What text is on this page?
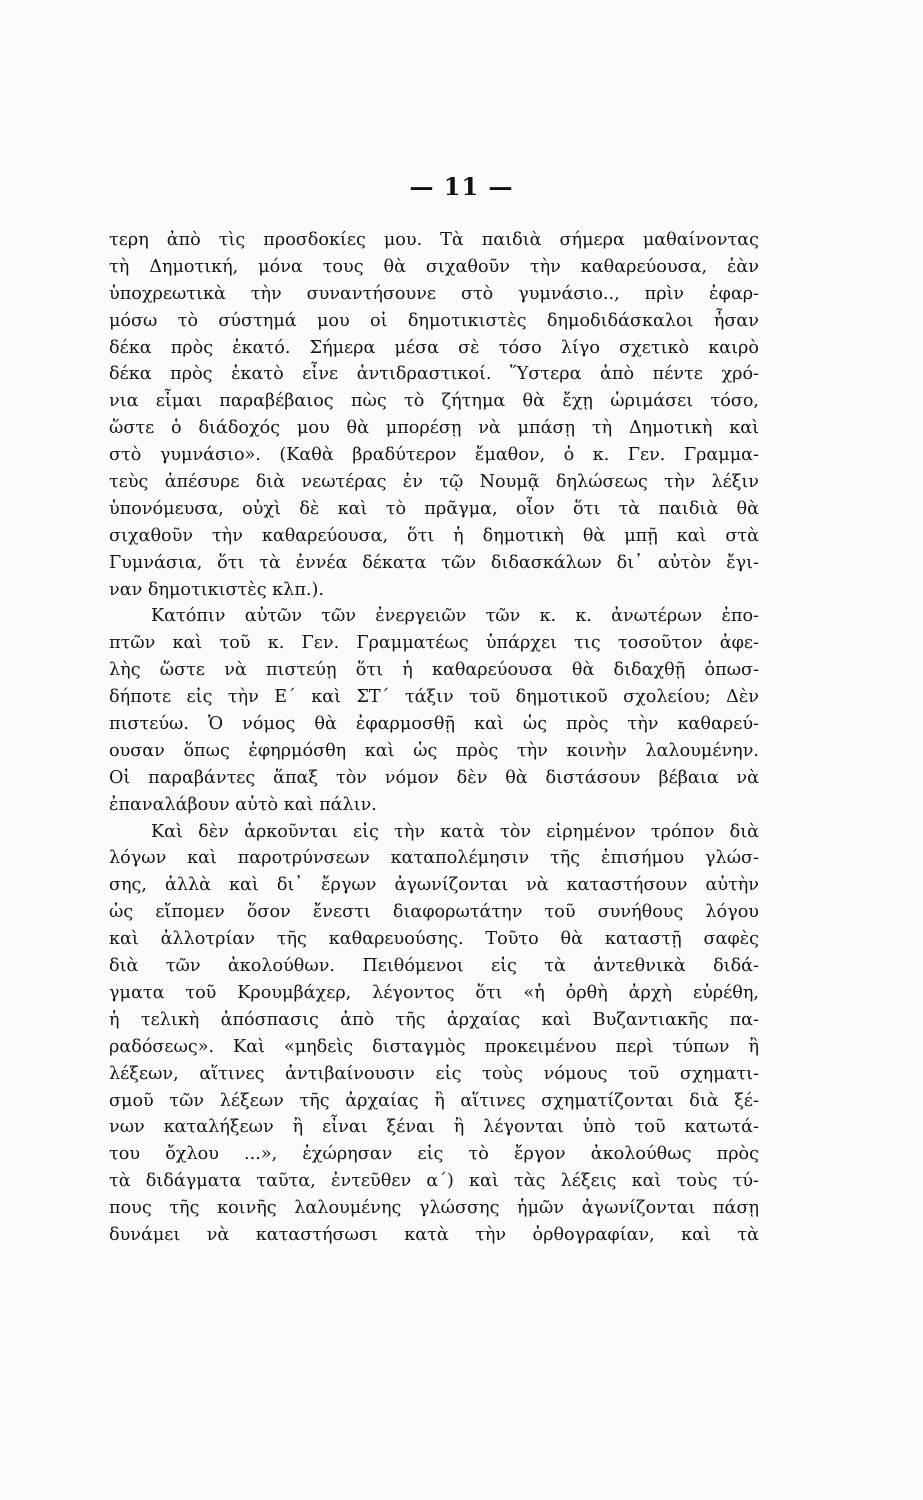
— 11 —
τερη ἀπὸ τὶς προσδοκίες μου. Τὰ παιδιὰ σήμερα μαθαίνοντας
τὴ Δημοτική, μόνα τους θὰ σιχαθοῦν τὴν καθαρεύουσα, ἐὰν
ὑποχρεωτικὰ τὴν συναντήσουνε στὸ γυμνάσιο.., πρὶν ἐφαρ-
μόσω τὸ σύστημά μου οἱ δημοτικιστὲς δημοδιδάσκαλοι ἦσαν
δέκα πρὸς ἑκατό. Σήμερα μέσα σὲ τόσο λίγο σχετικὸ καιρὸ
δέκα πρὸς ἑκατὸ εἶνε ἀντιδραστικοί. Ὕστερα ἀπὸ πέντε χρό-
νια εἶμαι παραβέβαιος πὼς τὸ ζήτημα θὰ ἔχῃ ὡριμάσει τόσο,
ὥστε ὁ διάδοχός μου θὰ μπορέσῃ νὰ μπάσῃ τὴ Δημοτικὴ καὶ
στὸ γυμνάσιο». (Καθὰ βραδύτερον ἔμαθον, ὁ κ. Γεν. Γραμμα-
τεὺς ἀπέσυρε διὰ νεωτέρας ἐν τῷ Νουμᾷ δηλώσεως τὴν λέξιν
ὑπονόμευσα, οὐχὶ δὲ καὶ τὸ πρᾶγμα, οἷον ὅτι τὰ παιδιὰ θὰ
σιχαθοῦν τὴν καθαρεύουσα, ὅτι ἡ δημοτικὴ θὰ μπῇ καὶ στὰ
Γυμνάσια, ὅτι τὰ ἐννέα δέκατα τῶν διδασκάλων δι᾽ αὐτὸν ἔγι-
ναν δημοτικιστὲς κλπ.).
Κατόπιν αὐτῶν τῶν ἐνεργειῶν τῶν κ. κ. ἀνωτέρων ἐπο-
πτῶν καὶ τοῦ κ. Γεν. Γραμματέως ὑπάρχει τις τοσοῦτον ἀφε-
λὴς ὥστε νὰ πιστεύῃ ὅτι ἡ καθαρεύουσα θὰ διδαχθῇ ὁπωσ-
δήποτε εἰς τὴν Ε΄ καὶ ΣΤ΄ τάξιν τοῦ δημοτικοῦ σχολείου; Δὲν
πιστεύω. Ὁ νόμος θὰ ἐφαρμοσθῇ καὶ ὡς πρὸς τὴν καθαρεύ-
ουσαν ὅπως ἐφηρμόσθη καὶ ὡς πρὸς τὴν κοινὴν λαλουμένην.
Οἱ παραβάντες ἅπαξ τὸν νόμον δὲν θὰ διστάσουν βέβαια νὰ
ἐπαναλάβουν αὐτὸ καὶ πάλιν.
Καὶ δὲν ἀρκοῦνται εἰς τὴν κατὰ τὸν εἰρημένον τρόπον διὰ
λόγων καὶ παροτρύνσεων καταπολέμησιν τῆς ἐπισήμου γλώσ-
σης, ἀλλὰ καὶ δι᾽ ἔργων ἀγωνίζονται νὰ καταστήσουν αὐτὴν
ὡς εἴπομεν ὅσον ἔνεστι διαφορωτάτην τοῦ συνήθους λόγου
καὶ ἀλλοτρίαν τῆς καθαρευούσης. Τοῦτο θὰ καταστῇ σαφὲς
διὰ τῶν ἀκολούθων. Πειθόμενοι εἰς τὰ ἀντεθνικὰ διδά-
γματα τοῦ Κρουμβάχερ, λέγοντος ὅτι «ἡ ὀρθὴ ἀρχὴ εὑρέθη,
ἡ τελικὴ ἀπόσπασις ἀπὸ τῆς ἀρχαίας καὶ Βυζαντιακῆς πα-
ραδόσεως». Καὶ «μηδεὶς δισταγμὸς προκειμένου περὶ τύπων ἢ
λέξεων, αἵτινες ἀντιβαίνουσιν εἰς τοὺς νόμους τοῦ σχηματι-
σμοῦ τῶν λέξεων τῆς ἀρχαίας ἢ αἵτινες σχηματίζονται διὰ ξέ-
νων καταλήξεων ἢ εἶναι ξέναι ἢ λέγονται ὑπὸ τοῦ κατωτά-
του ὄχλου ...», ἐχώρησαν εἰς τὸ ἔργον ἀκολούθως πρὸς
τὰ διδάγματα ταῦτα, ἐντεῦθεν α΄) καὶ τὰς λέξεις καὶ τοὺς τύ-
πους τῆς κοινῆς λαλουμένης γλώσσης ἡμῶν ἀγωνίζονται πάσῃ
δυνάμει νὰ καταστήσωσι κατὰ τὴν ὀρθογραφίαν, καὶ τὰ
